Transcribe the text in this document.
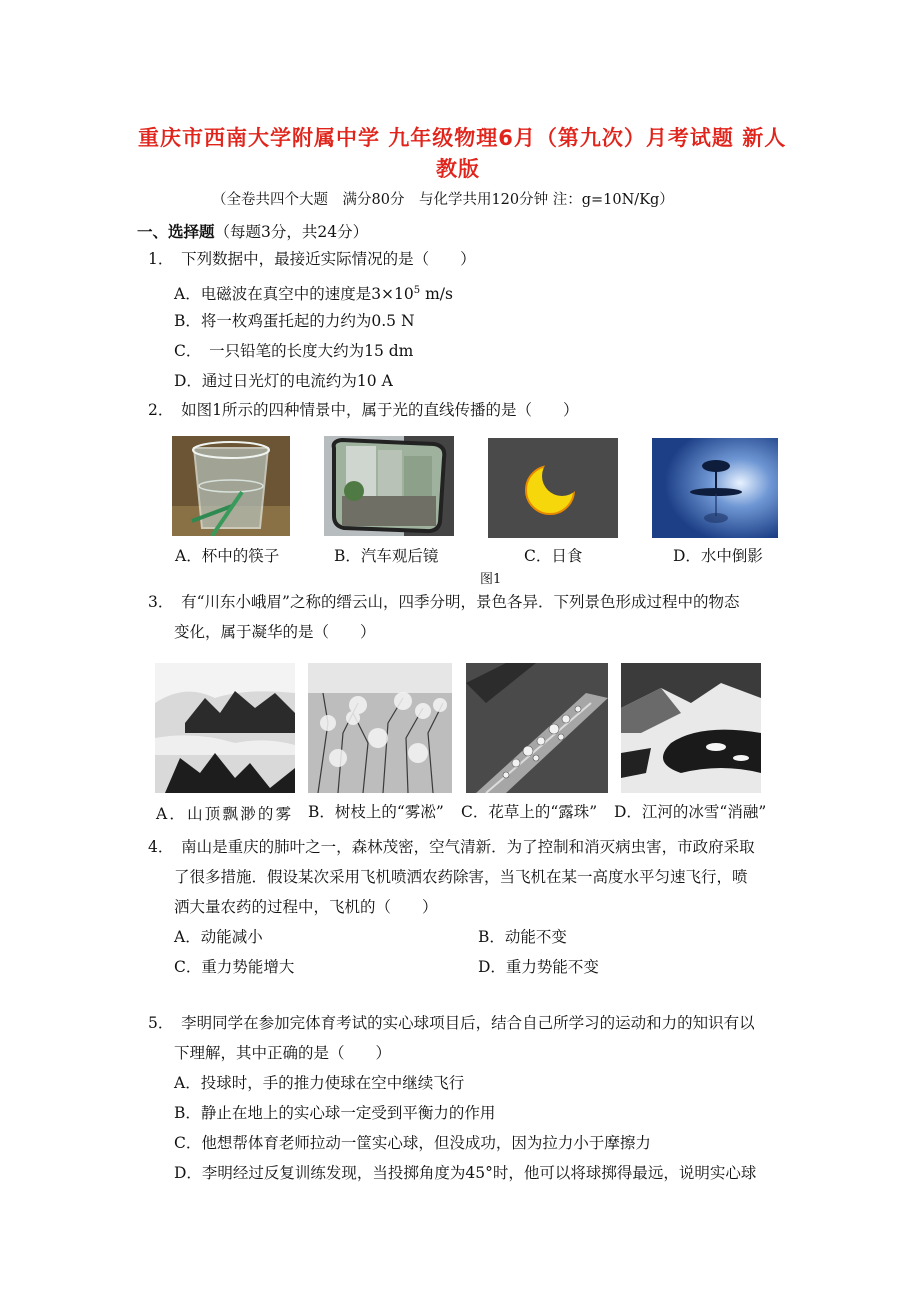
重庆市西南大学附属中学 九年级物理6月（第九次）月考试题 新人
教版
（全卷共四个大题　满分80分　与化学共用120分钟 注：g=10N/Kg）
一、选择题（每题3分，共24分）
1．　下列数据中，最接近实际情况的是（　　）
A．电磁波在真空中的速度是$3\times 10^5$ m/s
B．将一枚鸡蛋托起的力约为0.5 N
C．　一只铅笔的长度大约为15 dm
D．通过日光灯的电流约为10 A
2．　如图1所示的四种情景中，属于光的直线传播的是（　　）
A．杯中的筷子	B．汽车观后镜	C．日食	D．水中倒影
图1
3．　有“川东小峨眉”之称的缙云山，四季分明，景色各异．下列景色形成过程中的物态
变化，属于凝华的是（　　）
A．山顶飘渺的雾 B．树枝上的“雾凇” C．花草上的“露珠” D．江河的冰雪“消融”
4．　南山是重庆的肺叶之一，森林茂密，空气清新．为了控制和消灭病虫害，市政府采取
了很多措施．假设某次采用飞机喷洒农药除害，当飞机在某一高度水平匀速飞行，喷
洒大量农药的过程中，飞机的（　　）
A．动能减小	B．动能不变
C．重力势能增大	D．重力势能不变
5．　李明同学在参加完体育考试的实心球项目后，结合自己所学习的运动和力的知识有以
下理解，其中正确的是（　　）
A．投球时，手的推力使球在空中继续飞行
B．静止在地上的实心球一定受到平衡力的作用
C．他想帮体育老师拉动一筐实心球，但没成功，因为拉力小于摩擦力
D．李明经过反复训练发现，当投掷角度为45°时，他可以将球掷得最远，说明实心球
